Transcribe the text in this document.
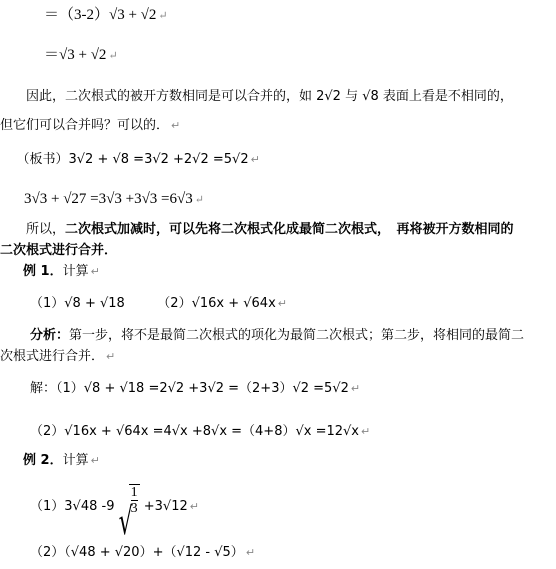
＝（3-2）√3 + √2 ↵
＝√3 + √2 ↵
　　因此，二次根式的被开方数相同是可以合并的，如 2√2 与 √8 表面上看是不相同的，
但它们可以合并吗？可以的． ↵
　（板书）3√2 + √8 =3√2 +2√2 =5√2 ↵
3√3 + √27 =3√3 +3√3 =6√3 ↵
　　所以，二次根式加减时，可以先将二次根式化成最简二次根式，　再将被开方数相同的
二次根式进行合并．
　例 1．计算 ↵
（1）√8 + √18　　　（2）√16x + √64x ↵
分析：第一步，将不是最简二次根式的项化为最简二次根式；第二步，将相同的最简二
次根式进行合并． ↵
解：（1）√8 + √18 =2√2 +3√2 =（2+3）√2 =5√2 ↵
（2）√16x + √64x =4√x +8√x =（4+8）√x =12√x ↵
　例 2．计算 ↵
（1）3√48 -9
√ $\frac{1}{3} +3√12$ ↵
（2）（√48 + √20）+（√12 - √5） ↵
